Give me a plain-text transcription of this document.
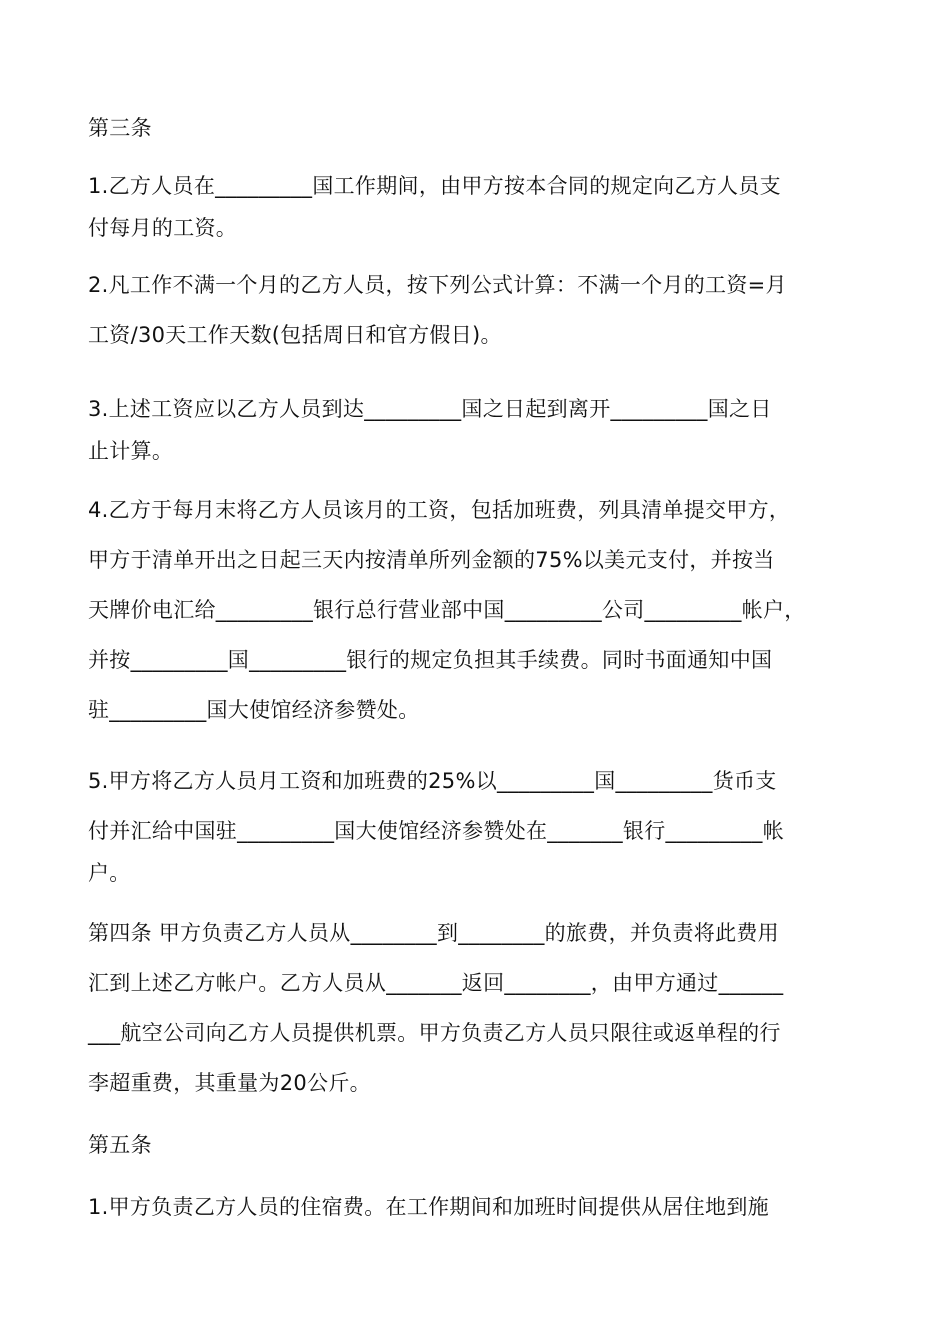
第三条
1.乙方人员在_________国工作期间，由甲方按本合同的规定向乙方人员支
付每月的工资。
2.凡工作不满一个月的乙方人员，按下列公式计算：不满一个月的工资=月
工资/30天工作天数(包括周日和官方假日)。
3.上述工资应以乙方人员到达_________国之日起到离开_________国之日
止计算。
4.乙方于每月末将乙方人员该月的工资，包括加班费，列具清单提交甲方，
甲方于清单开出之日起三天内按清单所列金额的75%以美元支付，并按当
天牌价电汇给_________银行总行营业部中国_________公司_________帐户，
并按_________国_________银行的规定负担其手续费。同时书面通知中国
驻_________国大使馆经济参赞处。
5.甲方将乙方人员月工资和加班费的25%以_________国_________货币支
付并汇给中国驻_________国大使馆经济参赞处在_______银行_________帐
户。
第四条 甲方负责乙方人员从________到________的旅费，并负责将此费用
汇到上述乙方帐户。乙方人员从_______返回________，由甲方通过______
___航空公司向乙方人员提供机票。甲方负责乙方人员只限往或返单程的行
李超重费，其重量为20公斤。
第五条
1.甲方负责乙方人员的住宿费。在工作期间和加班时间提供从居住地到施
